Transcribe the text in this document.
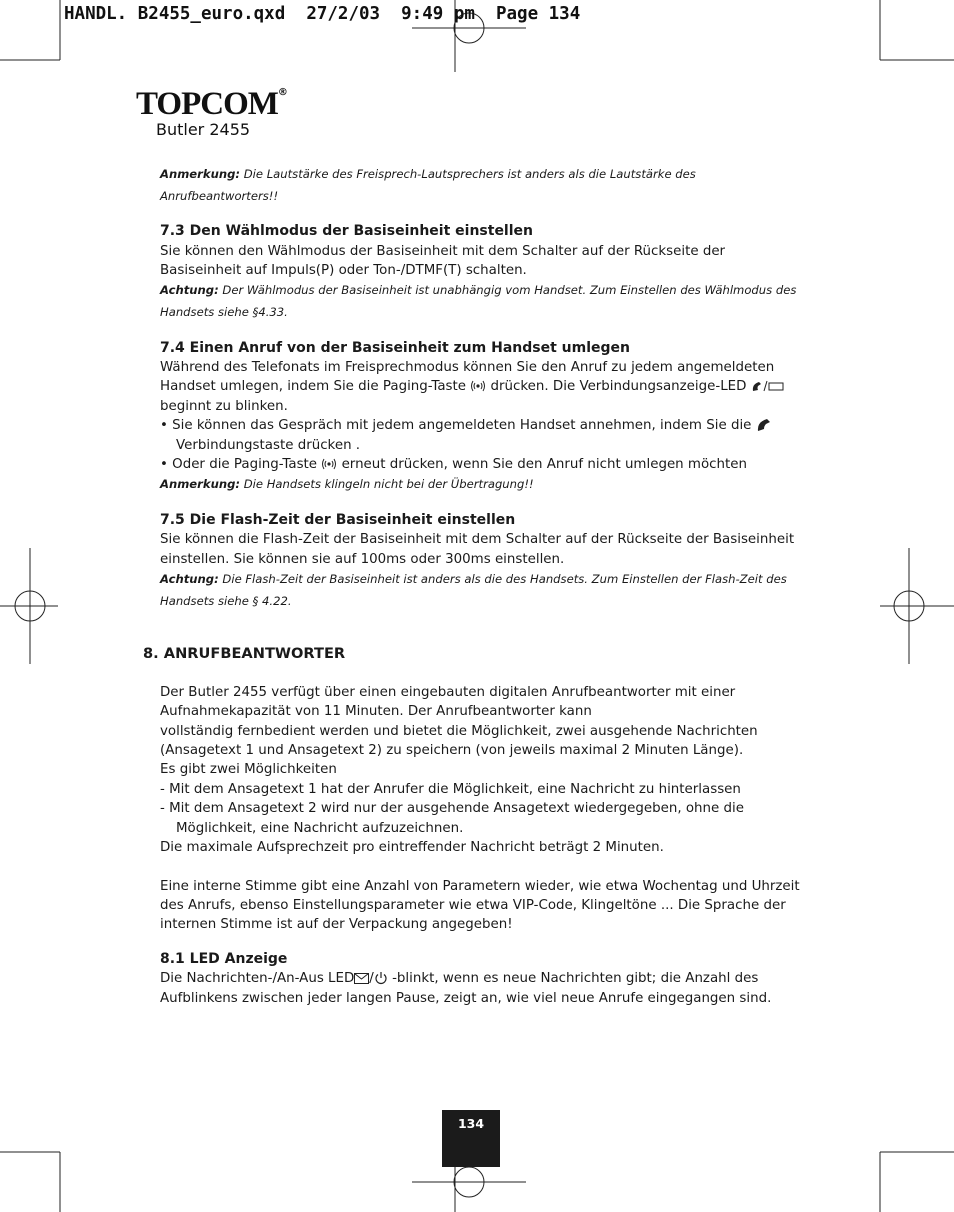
HANDL. B2455_euro.qxd  27/2/03  9:49 pm  Page 134
TOPCOM®
Butler 2455
Anmerkung: Die Lautstärke des Freisprech-Lautsprechers ist anders als die Lautstärke des Anrufbeantworters!!
7.3 Den Wählmodus der Basiseinheit einstellen
Sie können den Wählmodus der Basiseinheit mit dem Schalter auf der Rückseite der Basiseinheit auf Impuls(P) oder Ton-/DTMF(T) schalten.
Achtung: Der Wählmodus der Basiseinheit ist unabhängig vom Handset. Zum Einstellen des Wählmodus des Handsets siehe §4.33.
7.4 Einen Anruf von der Basiseinheit zum Handset umlegen
Während des Telefonats im Freisprechmodus können Sie den Anruf zu jedem angemeldeten Handset umlegen, indem Sie die Paging-Taste drücken. Die Verbindungsanzeige-LED  beginnt zu blinken.
• Sie können das Gespräch mit jedem angemeldeten Handset annehmen, indem Sie die
Verbindungstaste drücken .
• Oder die Paging-Taste erneut drücken, wenn Sie den Anruf nicht umlegen möchten
Anmerkung: Die Handsets klingeln nicht bei der Übertragung!!
7.5 Die Flash-Zeit der Basiseinheit einstellen
Sie können die Flash-Zeit der Basiseinheit mit dem Schalter auf der Rückseite der Basiseinheit einstellen. Sie können sie auf 100ms oder 300ms einstellen.
Achtung: Die Flash-Zeit der Basiseinheit ist anders als die des Handsets. Zum Einstellen der Flash-Zeit des Handsets siehe § 4.22.
8. ANRUFBEANTWORTER
Der Butler 2455 verfügt über einen eingebauten digitalen Anrufbeantworter mit einer
Aufnahmekapazität von 11 Minuten. Der Anrufbeantworter kann
vollständig fernbedient werden und bietet die Möglichkeit, zwei ausgehende Nachrichten
(Ansagetext 1 und Ansagetext 2) zu speichern (von jeweils maximal 2 Minuten Länge).
Es gibt zwei Möglichkeiten
- Mit dem Ansagetext 1 hat der Anrufer die Möglichkeit, eine Nachricht zu hinterlassen
- Mit dem Ansagetext 2 wird nur der ausgehende Ansagetext wiedergegeben, ohne die Möglichkeit, eine Nachricht aufzuzeichnen.
Die maximale Aufsprechzeit pro eintreffender Nachricht beträgt 2 Minuten.
Eine interne Stimme gibt eine Anzahl von Parametern wieder, wie etwa Wochentag und Uhrzeit des Anrufs, ebenso Einstellungsparameter wie etwa VIP-Code, Klingeltöne ... Die Sprache der internen Stimme ist auf der Verpackung angegeben!
8.1 LED Anzeige
Die Nachrichten-/An-Aus LED / -blinkt, wenn es neue Nachrichten gibt; die Anzahl des Aufblinkens zwischen jeder langen Pause, zeigt an, wie viel neue Anrufe eingegangen sind.
134
